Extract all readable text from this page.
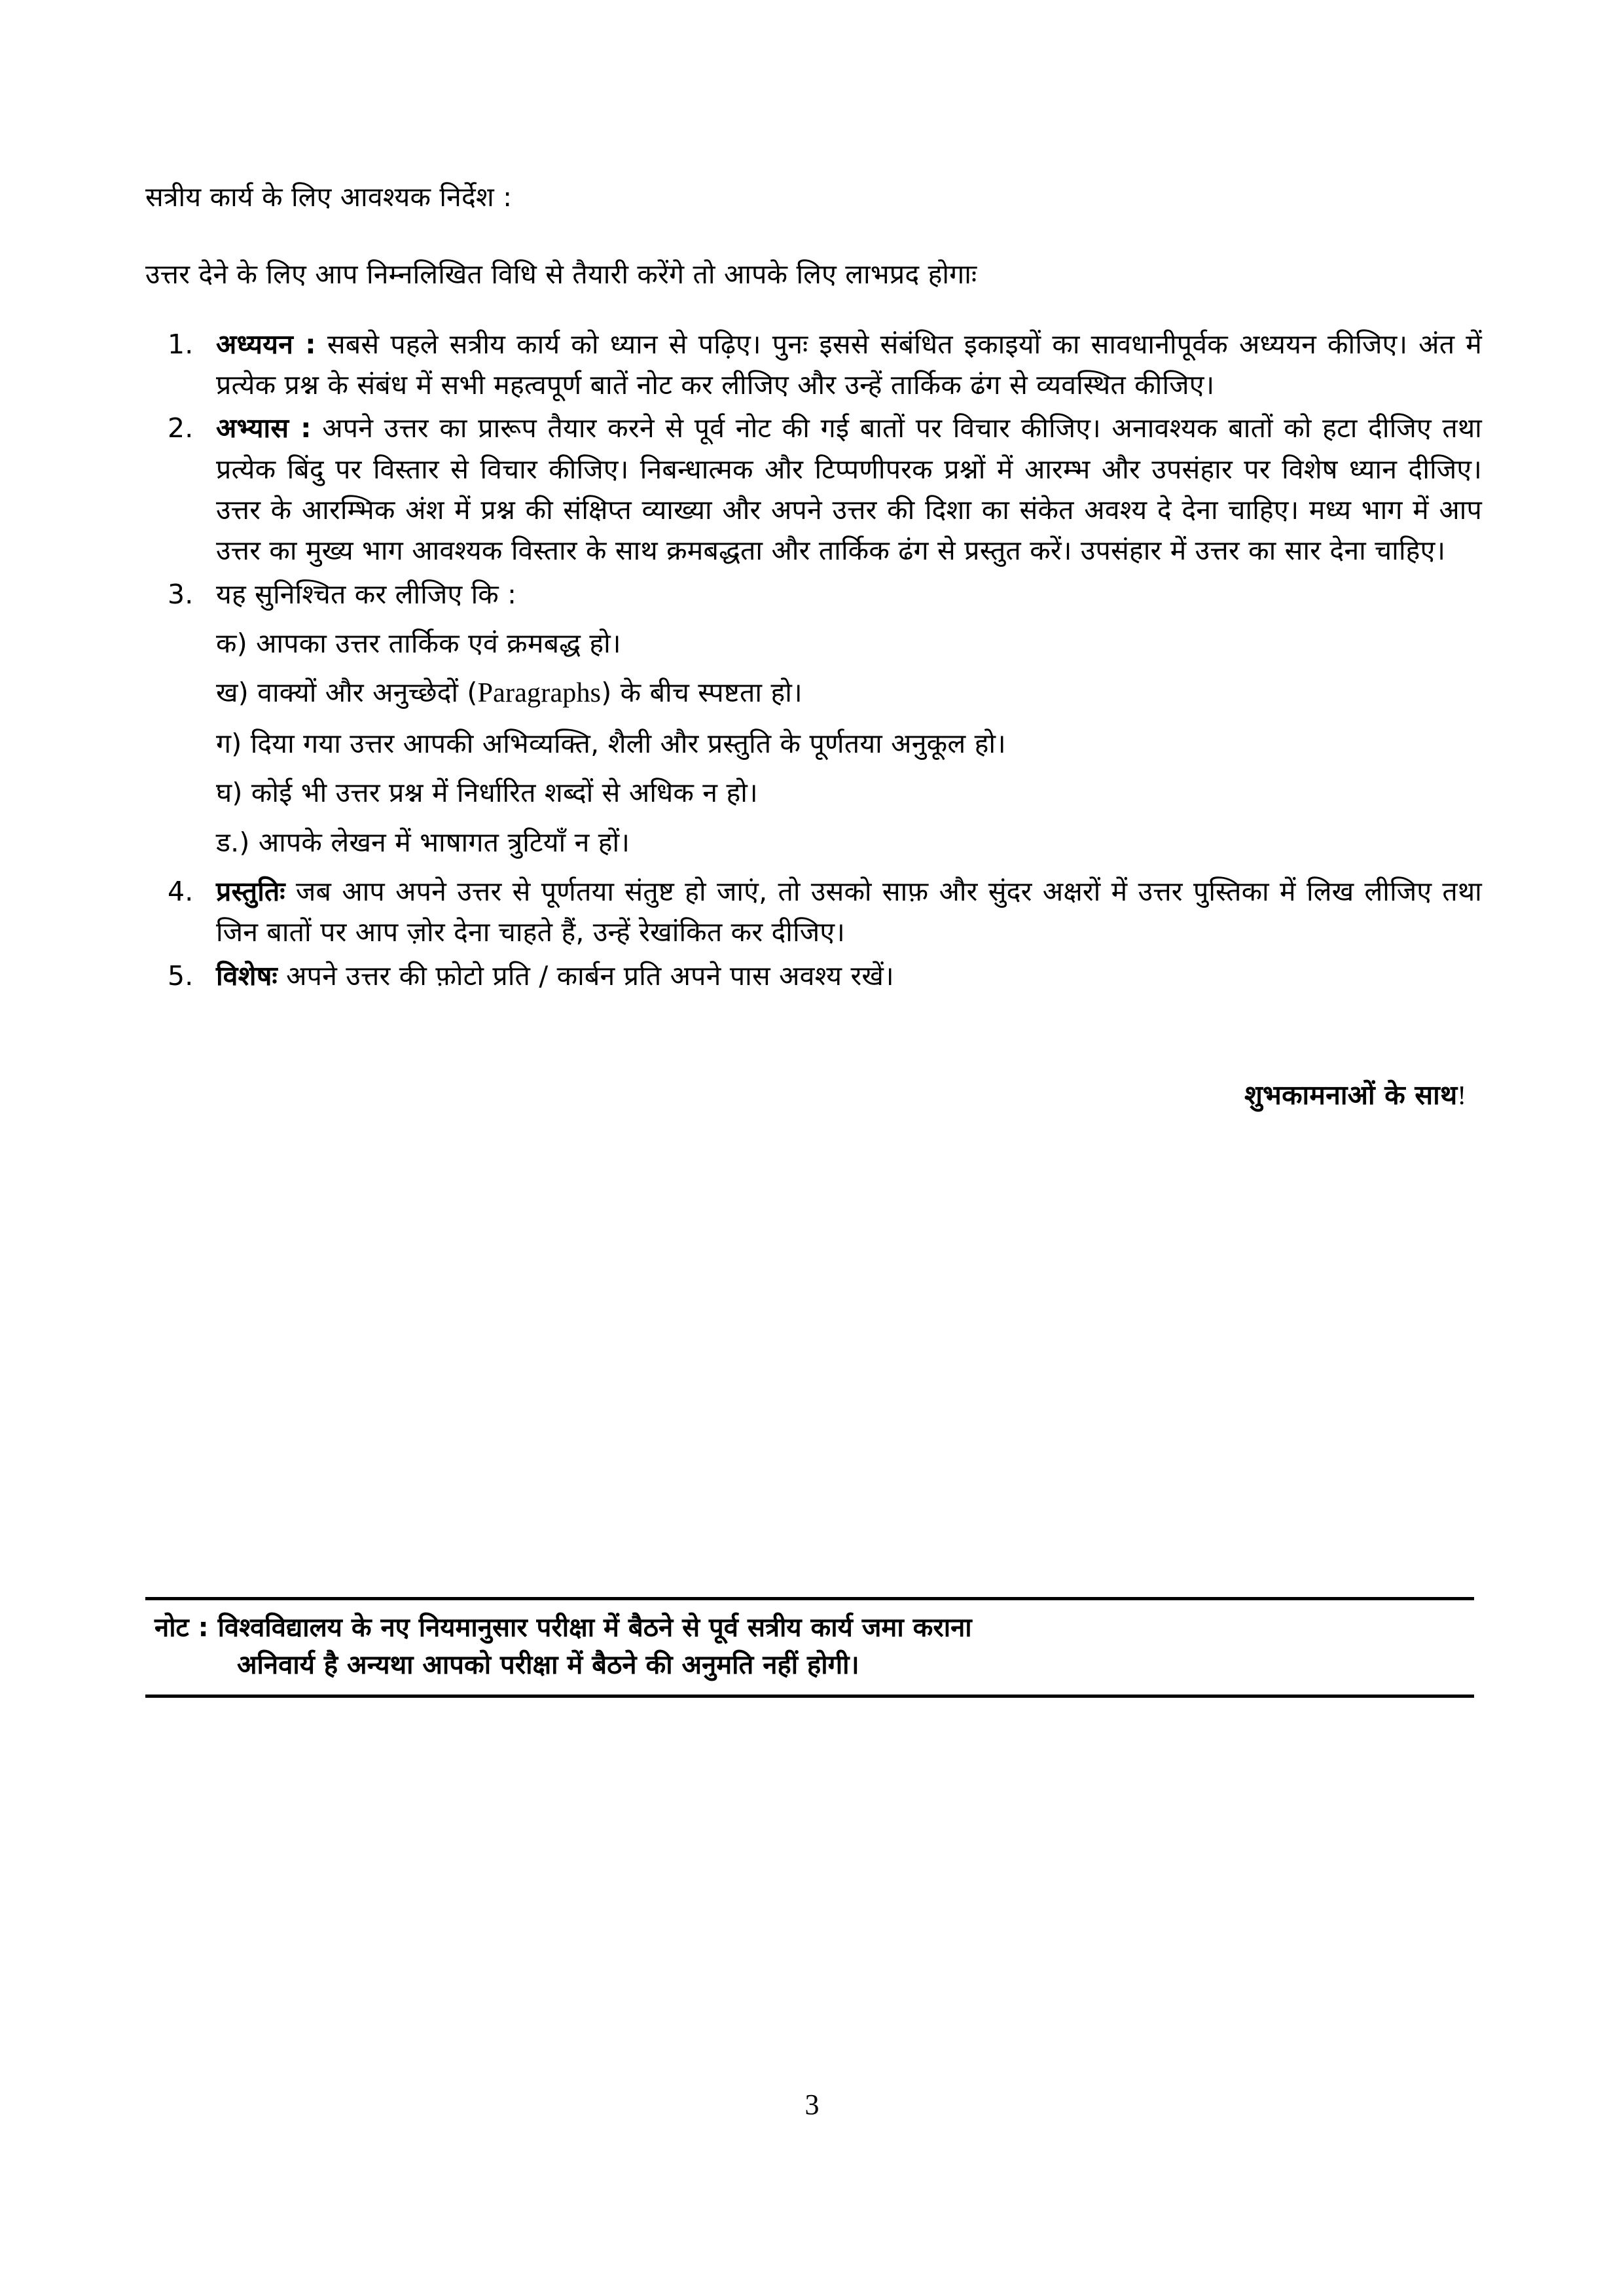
सत्रीय कार्य के लिए आवश्यक निर्देश :
उत्तर देने के लिए आप निम्नलिखित विधि से तैयारी करेंगे तो आपके लिए लाभप्रद होगाः
1. अध्ययन : सबसे पहले सत्रीय कार्य को ध्यान से पढ़िए। पुनः इससे संबंधित इकाइयों का सावधानीपूर्वक अध्ययन कीजिए। अंत में प्रत्येक प्रश्न के संबंध में सभी महत्वपूर्ण बातें नोट कर लीजिए और उन्हें तार्किक ढंग से व्यवस्थित कीजिए।
2. अभ्यास : अपने उत्तर का प्रारूप तैयार करने से पूर्व नोट की गई बातों पर विचार कीजिए। अनावश्यक बातों को हटा दीजिए तथा प्रत्येक बिंदु पर विस्तार से विचार कीजिए। निबन्धात्मक और टिप्पणीपरक प्रश्नों में आरम्भ और उपसंहार पर विशेष ध्यान दीजिए। उत्तर के आरम्भिक अंश में प्रश्न की संक्षिप्त व्याख्या और अपने उत्तर की दिशा का संकेत अवश्य दे देना चाहिए। मध्य भाग में आप उत्तर का मुख्य भाग आवश्यक विस्तार के साथ क्रमबद्धता और तार्किक ढंग से प्रस्तुत करें। उपसंहार में उत्तर का सार देना चाहिए।
3. यह सुनिश्चित कर लीजिए कि :
क) आपका उत्तर तार्किक एवं क्रमबद्ध हो।
ख) वाक्यों और अनुच्छेदों (Paragraphs) के बीच स्पष्टता हो।
ग) दिया गया उत्तर आपकी अभिव्यक्ति, शैली और प्रस्तुति के पूर्णतया अनुकूल हो।
घ) कोई भी उत्तर प्रश्न में निर्धारित शब्दों से अधिक न हो।
ड.) आपके लेखन में भाषागत त्रुटियाँ न हों।
4. प्रस्तुतिः जब आप अपने उत्तर से पूर्णतया संतुष्ट हो जाएं, तो उसको साफ़ और सुंदर अक्षरों में उत्तर पुस्तिका में लिख लीजिए तथा जिन बातों पर आप ज़ोर देना चाहते हैं, उन्हें रेखांकित कर दीजिए।
5. विशेषः अपने उत्तर की फ़ोटो प्रति / कार्बन प्रति अपने पास अवश्य रखें।
शुभकामनाओं के साथ!
नोट : विश्वविद्यालय के नए नियमानुसार परीक्षा में बैठने से पूर्व सत्रीय कार्य जमा कराना
अनिवार्य है अन्यथा आपको परीक्षा में बैठने की अनुमति नहीं होगी।
3
